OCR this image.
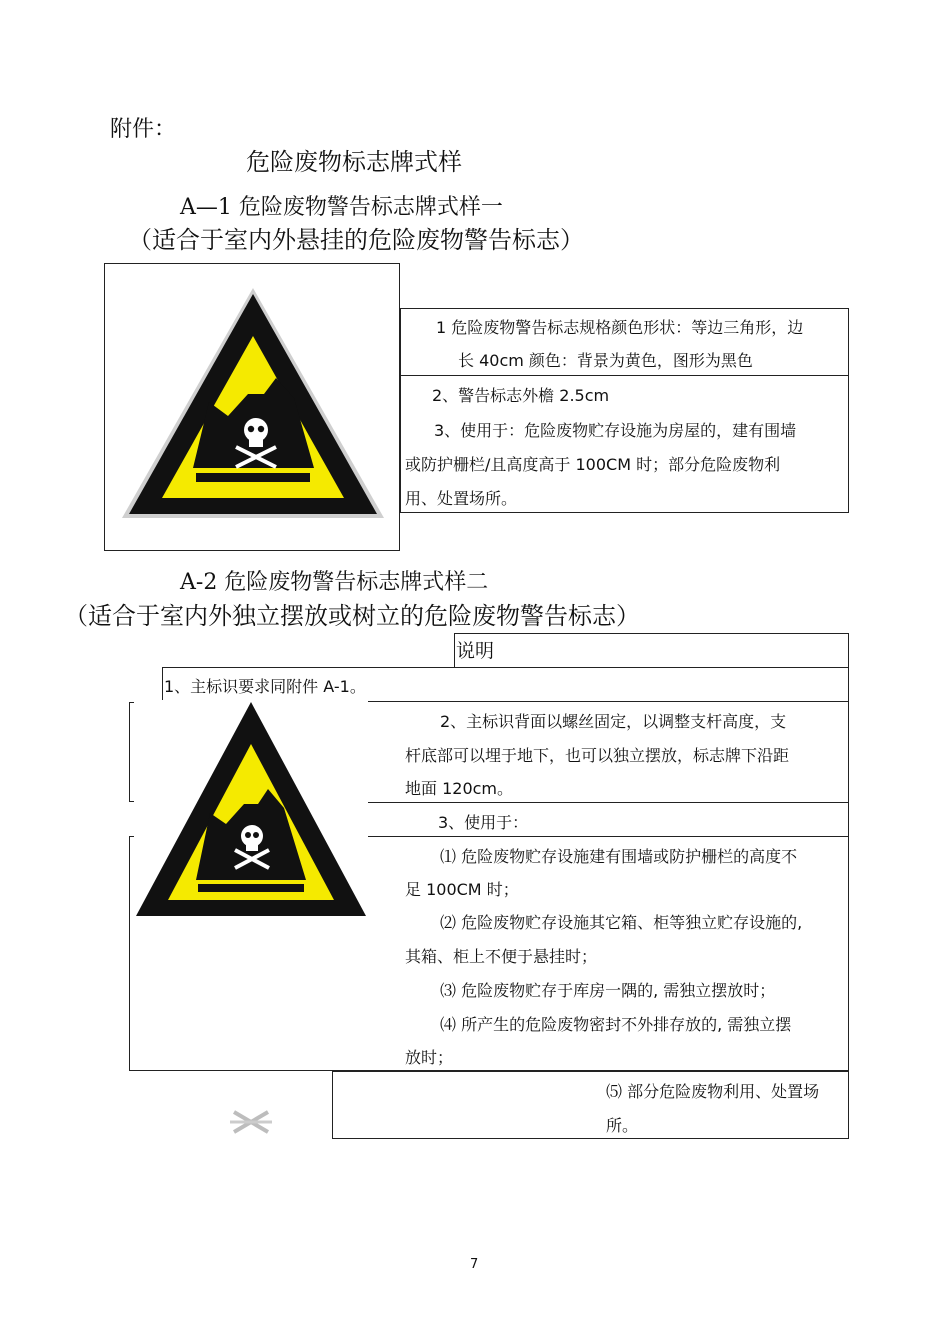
附件：
危险废物标志牌式样
A—1 危险废物警告标志牌式样一
（适合于室内外悬挂的危险废物警告标志）
1 危险废物警告标志规格颜色形状：等边三角形，边
长 40cm 颜色：背景为黄色，图形为黑色
2、警告标志外檐 2.5cm
3、使用于：危险废物贮存设施为房屋的，建有围墙
或防护栅栏/且高度高于 100CM 时；部分危险废物利
用、处置场所。
A-2 危险废物警告标志牌式样二
（适合于室内外独立摆放或树立的危险废物警告标志）
说明
1、主标识要求同附件 A-1。
2、主标识背面以螺丝固定，以调整支杆高度，支
杆底部可以埋于地下，也可以独立摆放，标志牌下沿距
地面 120cm。
3、使用于：
⑴ 危险废物贮存设施建有围墙或防护栅栏的高度不
足 100CM 时；
⑵ 危险废物贮存设施其它箱、柜等独立贮存设施的,
其箱、柜上不便于悬挂时；
⑶ 危险废物贮存于库房一隅的, 需独立摆放时；
⑷ 所产生的危险废物密封不外排存放的, 需独立摆
放时；
⑸ 部分危险废物利用、处置场
所。
7
